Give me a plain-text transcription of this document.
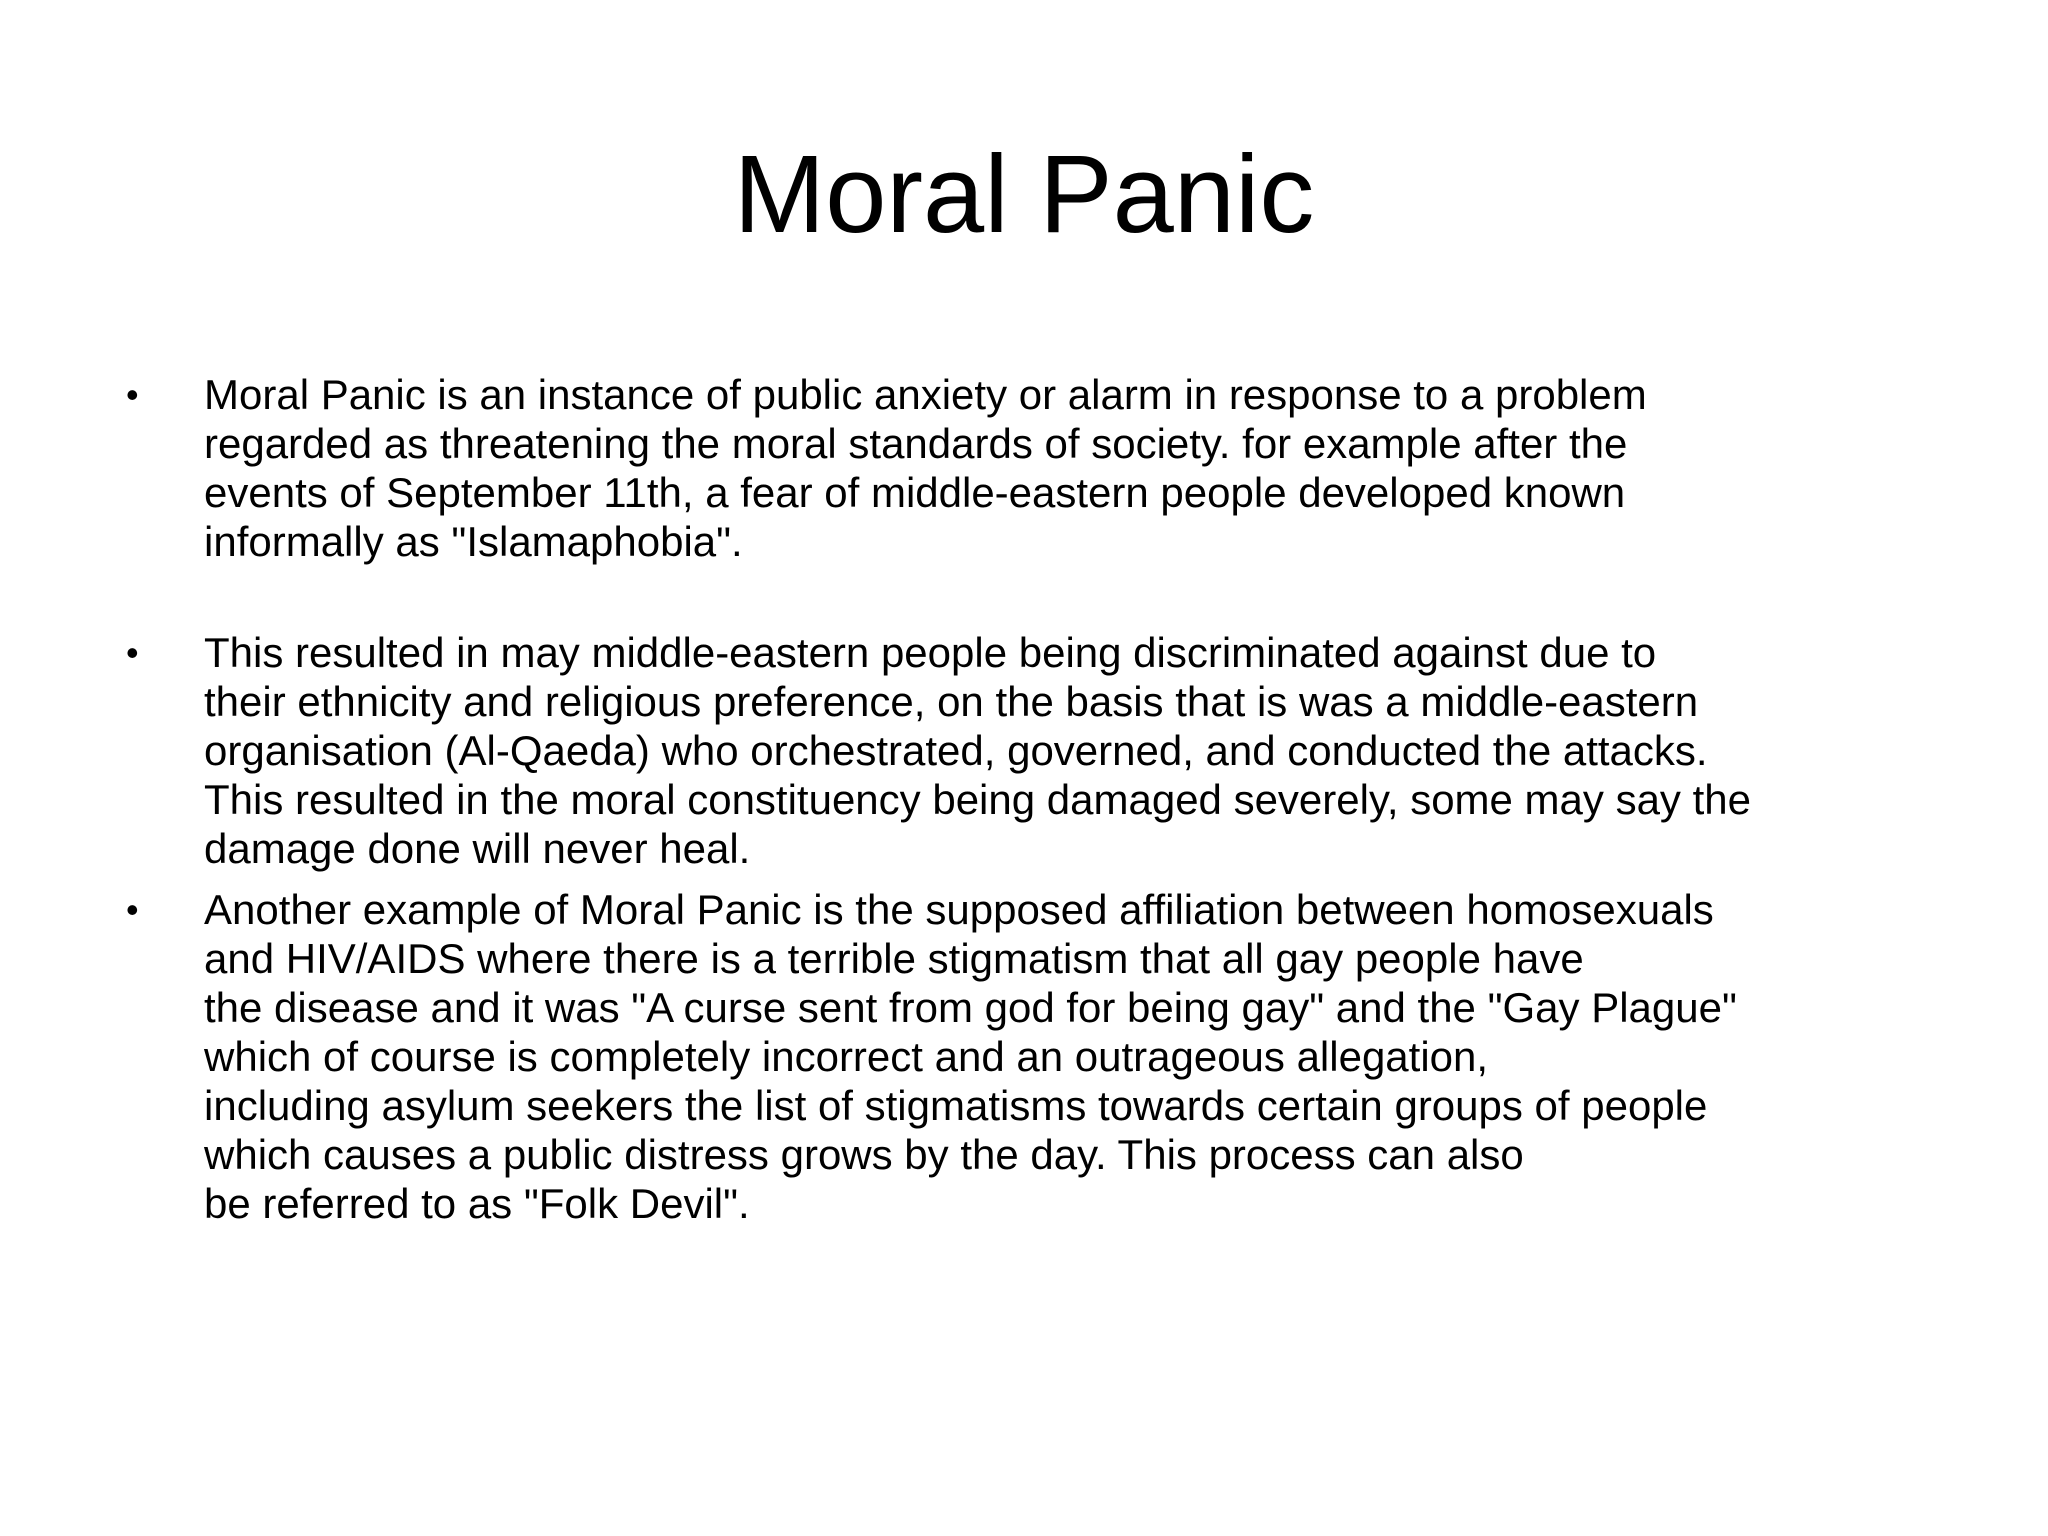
Moral Panic
• Moral Panic is an instance of public anxiety or alarm in response to a problem
regarded as threatening the moral standards of society. for example after the
events of September 11th, a fear of middle-eastern people developed known
informally as "Islamaphobia".
• This resulted in may middle-eastern people being discriminated against due to
their ethnicity and religious preference, on the basis that is was a middle-eastern
organisation (Al-Qaeda) who orchestrated, governed, and conducted the attacks.
This resulted in the moral constituency being damaged severely, some may say the
damage done will never heal.
• Another example of Moral Panic is the supposed affiliation between homosexuals
and HIV/AIDS where there is a terrible stigmatism that all gay people have
the disease and it was "A curse sent from god for being gay" and the "Gay Plague"
which of course is completely incorrect and an outrageous allegation,
including asylum seekers the list of stigmatisms towards certain groups of people
which causes a public distress grows by the day. This process can also
be referred to as "Folk Devil".
